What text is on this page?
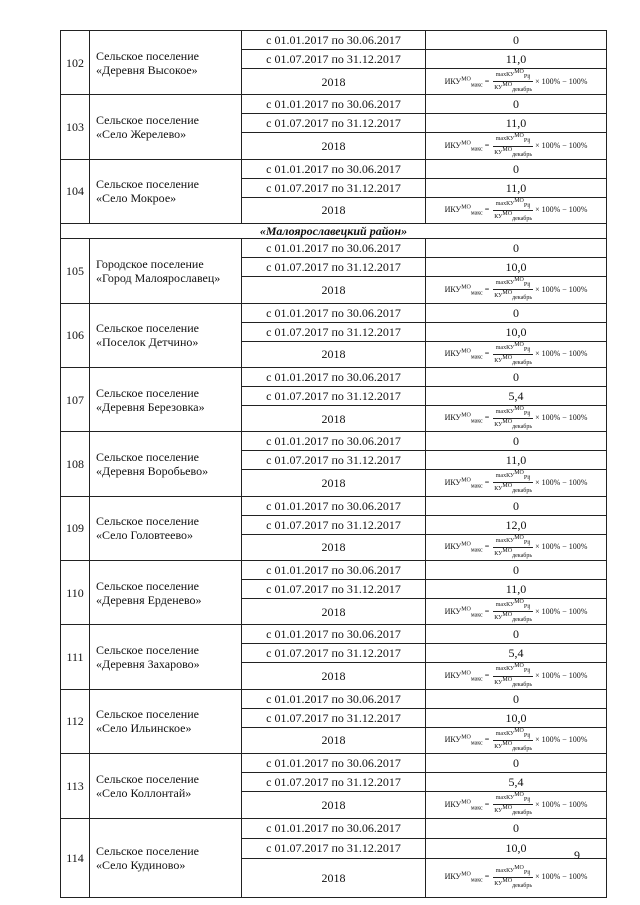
102	Сельское поселение
«Деревня Высокое»	с 01.01.2017 по 30.06.2017	0
		с 01.07.2017 по 31.12.2017	11,0
		2018	$ИКУ^{МО}_{макс} = \frac{\text{maxКУМОPij}}{\text{КУМОдекабрь}} \times 100\% - 100\%$
103	Сельское поселение
«Село Жерелево»	с 01.01.2017 по 30.06.2017	0
		с 01.07.2017 по 31.12.2017	11,0
		2018	$ИКУ^{МО}_{макс} = \frac{\text{maxКУМОPij}}{\text{КУМОдекабрь}} \times 100\% - 100\%$
104	Сельское поселение
«Село Мокрое»	с 01.01.2017 по 30.06.2017	0
		с 01.07.2017 по 31.12.2017	11,0
		2018	$ИКУ^{МО}_{макс} = \frac{\text{maxКУМОPij}}{\text{КУМОдекабрь}} \times 100\% - 100\%$
«Малоярославецкий район»			
105	Городское поселение
«Город Малоярославец»	с 01.01.2017 по 30.06.2017	0
		с 01.07.2017 по 31.12.2017	10,0
		2018	$ИКУ^{МО}_{макс} = \frac{\text{maxКУМОPij}}{\text{КУМОдекабрь}} \times 100\% - 100\%$
106	Сельское поселение
«Поселок Детчино»	с 01.01.2017 по 30.06.2017	0
		с 01.07.2017 по 31.12.2017	10,0
		2018	$ИКУ^{МО}_{макс} = \frac{\text{maxКУМОPij}}{\text{КУМОдекабрь}} \times 100\% - 100\%$
107	Сельское поселение
«Деревня Березовка»	с 01.01.2017 по 30.06.2017	0
		с 01.07.2017 по 31.12.2017	5,4
		2018	$ИКУ^{МО}_{макс} = \frac{\text{maxКУМОPij}}{\text{КУМОдекабрь}} \times 100\% - 100\%$
108	Сельское поселение
«Деревня Воробьево»	с 01.01.2017 по 30.06.2017	0
		с 01.07.2017 по 31.12.2017	11,0
		2018	$ИКУ^{МО}_{макс} = \frac{\text{maxКУМОPij}}{\text{КУМОдекабрь}} \times 100\% - 100\%$
109	Сельское поселение
«Село Головтеево»	с 01.01.2017 по 30.06.2017	0
		с 01.07.2017 по 31.12.2017	12,0
		2018	$ИКУ^{МО}_{макс} = \frac{\text{maxКУМОPij}}{\text{КУМОдекабрь}} \times 100\% - 100\%$
110	Сельское поселение
«Деревня Ерденево»	с 01.01.2017 по 30.06.2017	0
		с 01.07.2017 по 31.12.2017	11,0
		2018	$ИКУ^{МО}_{макс} = \frac{\text{maxКУМОPij}}{\text{КУМОдекабрь}} \times 100\% - 100\%$
111	Сельское поселение
«Деревня Захарово»	с 01.01.2017 по 30.06.2017	0
		с 01.07.2017 по 31.12.2017	5,4
		2018	$ИКУ^{МО}_{макс} = \frac{\text{maxКУМОPij}}{\text{КУМОдекабрь}} \times 100\% - 100\%$
112	Сельское поселение
«Село Ильинское»	с 01.01.2017 по 30.06.2017	0
		с 01.07.2017 по 31.12.2017	10,0
		2018	$ИКУ^{МО}_{макс} = \frac{\text{maxКУМОPij}}{\text{КУМОдекабрь}} \times 100\% - 100\%$
113	Сельское поселение
«Село Коллонтай»	с 01.01.2017 по 30.06.2017	0
		с 01.07.2017 по 31.12.2017	5,4
		2018	$ИКУ^{МО}_{макс} = \frac{\text{maxКУМОPij}}{\text{КУМОдекабрь}} \times 100\% - 100\%$
114	Сельское поселение
«Село Кудиново»	с 01.01.2017 по 30.06.2017	0
		с 01.07.2017 по 31.12.2017	10,0
		2018	$ИКУ^{МО}_{макс} = \frac{\text{maxКУМОPij}}{\text{КУМОдекабрь}} \times 100\% - 100\%$
9
